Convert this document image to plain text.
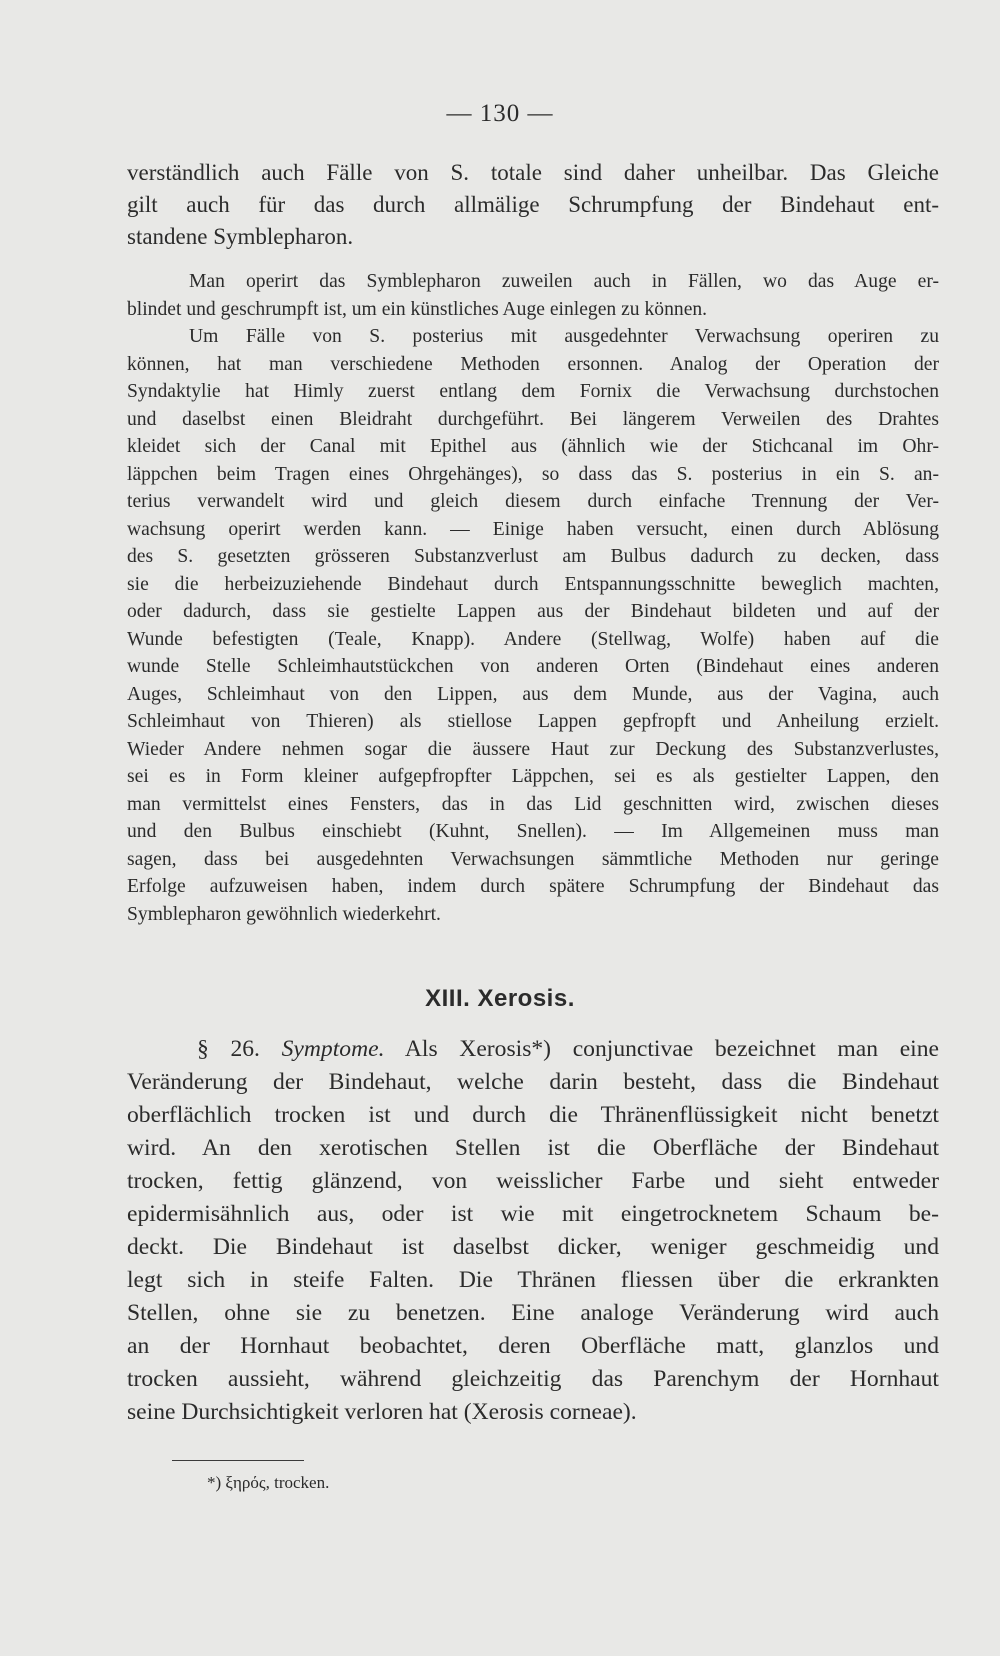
— 130 —
verständlich auch Fälle von S. totale sind daher unheilbar. Das Gleiche
gilt auch für das durch allmälige Schrumpfung der Bindehaut ent-
standene Symblepharon.
Man operirt das Symblepharon zuweilen auch in Fällen, wo das Auge er-
blindet und geschrumpft ist, um ein künstliches Auge einlegen zu können.
Um Fälle von S. posterius mit ausgedehnter Verwachsung operiren zu
können, hat man verschiedene Methoden ersonnen. Analog der Operation der
Syndaktylie hat Himly zuerst entlang dem Fornix die Verwachsung durchstochen
und daselbst einen Bleidraht durchgeführt. Bei längerem Verweilen des Drahtes
kleidet sich der Canal mit Epithel aus (ähnlich wie der Stichcanal im Ohr-
läppchen beim Tragen eines Ohrgehänges), so dass das S. posterius in ein S. an-
terius verwandelt wird und gleich diesem durch einfache Trennung der Ver-
wachsung operirt werden kann. — Einige haben versucht, einen durch Ablösung
des S. gesetzten grösseren Substanzverlust am Bulbus dadurch zu decken, dass
sie die herbeizuziehende Bindehaut durch Entspannungsschnitte beweglich machten,
oder dadurch, dass sie gestielte Lappen aus der Bindehaut bildeten und auf der
Wunde befestigten (Teale, Knapp). Andere (Stellwag, Wolfe) haben auf die
wunde Stelle Schleimhautstückchen von anderen Orten (Bindehaut eines anderen
Auges, Schleimhaut von den Lippen, aus dem Munde, aus der Vagina, auch
Schleimhaut von Thieren) als stiellose Lappen gepfropft und Anheilung erzielt.
Wieder Andere nehmen sogar die äussere Haut zur Deckung des Substanzverlustes,
sei es in Form kleiner aufgepfropfter Läppchen, sei es als gestielter Lappen, den
man vermittelst eines Fensters, das in das Lid geschnitten wird, zwischen dieses
und den Bulbus einschiebt (Kuhnt, Snellen). — Im Allgemeinen muss man
sagen, dass bei ausgedehnten Verwachsungen sämmtliche Methoden nur geringe
Erfolge aufzuweisen haben, indem durch spätere Schrumpfung der Bindehaut das
Symblepharon gewöhnlich wiederkehrt.
XIII. Xerosis.
§ 26. Symptome. Als Xerosis*) conjunctivae bezeichnet man eine
Veränderung der Bindehaut, welche darin besteht, dass die Bindehaut
oberflächlich trocken ist und durch die Thränenflüssigkeit nicht benetzt
wird. An den xerotischen Stellen ist die Oberfläche der Bindehaut
trocken, fettig glänzend, von weisslicher Farbe und sieht entweder
epidermisähnlich aus, oder ist wie mit eingetrocknetem Schaum be-
deckt. Die Bindehaut ist daselbst dicker, weniger geschmeidig und
legt sich in steife Falten. Die Thränen fliessen über die erkrankten
Stellen, ohne sie zu benetzen. Eine analoge Veränderung wird auch
an der Hornhaut beobachtet, deren Oberfläche matt, glanzlos und
trocken aussieht, während gleichzeitig das Parenchym der Hornhaut
seine Durchsichtigkeit verloren hat (Xerosis corneae).
*) ξηρός, trocken.
